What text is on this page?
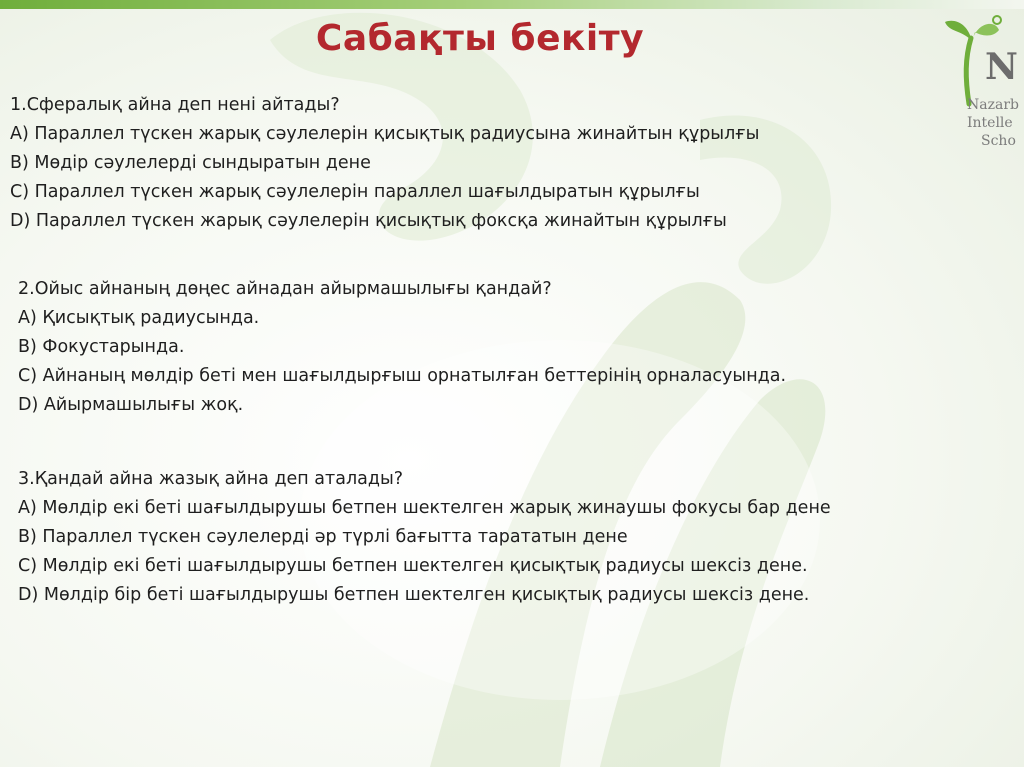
Сабақты бекіту
N
Nazarb
Intelle
Scho
1.Сфералық айна деп нені айтады?
A) Параллел түскен жарық сәулелерін қисықтық радиусына жинайтын құрылғы
B) Мөдір сәулелерді сындыратын дене
C) Параллел түскен жарық сәулелерін параллел шағылдыратын құрылғы
D) Параллел түскен жарық сәулелерін қисықтық фоксқа жинайтын құрылғы
2.Ойыс айнаның дөңес айнадан айырмашылығы қандай?
A) Қисықтық радиусында.
B) Фокустарында.
C) Айнаның мөлдір беті мен шағылдырғыш орнатылған беттерінің орналасуында.
D) Айырмашылығы жоқ.
3.Қандай айна жазық айна деп аталады?
A) Мөлдір екі беті шағылдырушы бетпен шектелген жарық жинаушы фокусы бар дене
B) Параллел түскен сәулелерді әр түрлі бағытта тарататын дене
C) Мөлдір екі беті шағылдырушы бетпен шектелген қисықтық радиусы шексіз дене.
D) Мөлдір бір беті шағылдырушы бетпен шектелген қисықтық радиусы шексіз дене.
